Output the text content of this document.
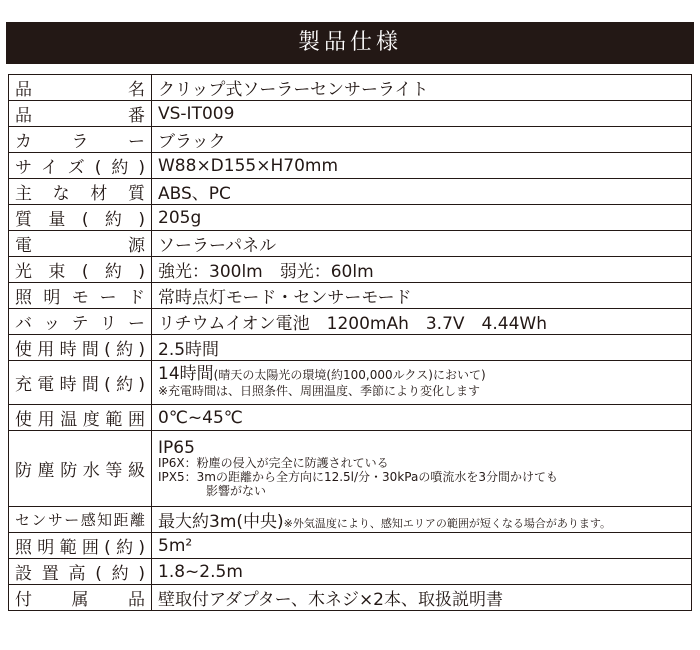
製品仕様
品名	クリップ式ソーラーセンサーライト
品番	VS-IT009
カラー	ブラック
サイズ(約)	W88×D155×H70mm
主な材質	ABS、PC
質量(約)	205g
電源	ソーラーパネル
光束(約)	強光：300lm　弱光：60lm
照明モード	常時点灯モード・センサーモード
バッテリー	リチウムイオン電池　1200mAh　3.7V　4.44Wh
使用時間(約)	2.5時間
充電時間(約)	14時間(晴天の太陽光の環境(約100,000ルクス)において)
※充電時間は、日照条件、周囲温度、季節により変化します

使用温度範囲	0℃~45℃
防塵防水等級	IP65
IP6X：粉塵の侵入が完全に防護されている
IPX5：3mの距離から全方向に12.5l/分・30kPaの噴流水を3分間かけても
影響がない

センサー感知距離	最大約3m(中央)※外気温度により、感知エリアの範囲が短くなる場合があります。
照明範囲(約)	5m²
設置高(約)	1.8~2.5m
付属品	壁取付アダプター、木ネジ×2本、取扱説明書
